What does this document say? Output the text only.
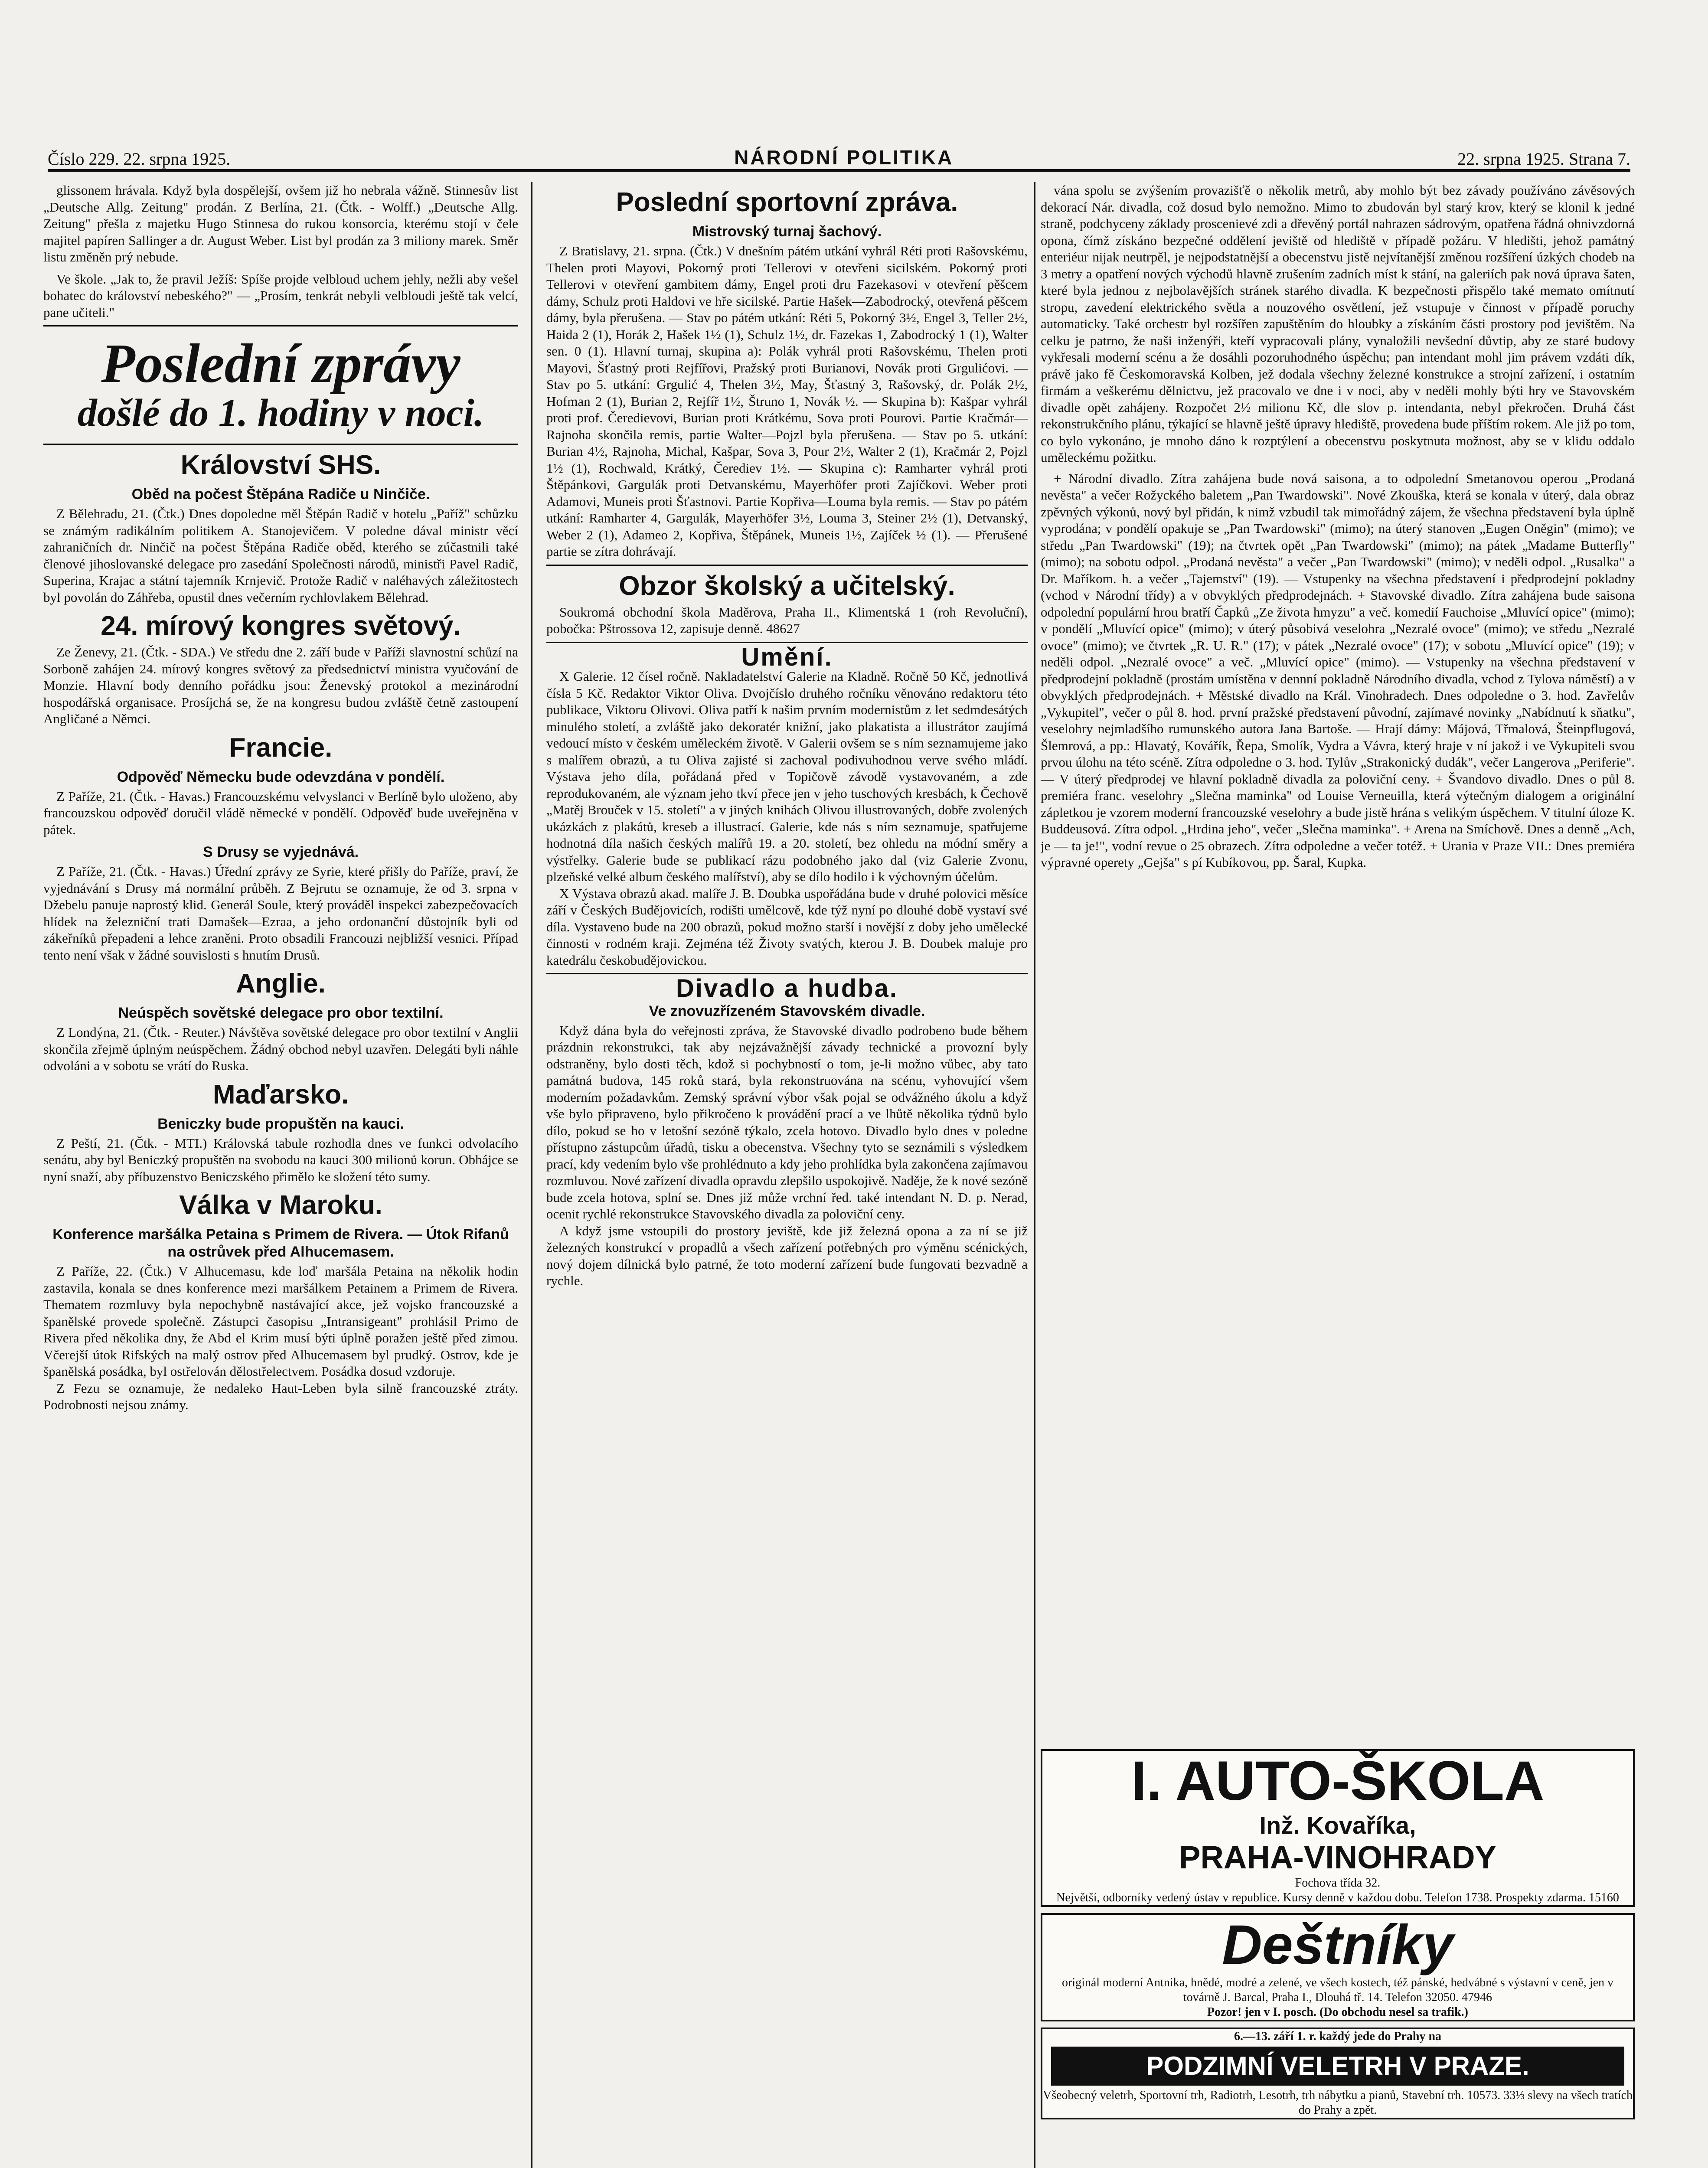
Číslo 229. 22. srpna 1925.	NÁRODNÍ POLITIKA	22. srpna 1925. Strana 7.

glissonem hrávala. Když byla dospělejší, ovšem již ho nebrala vážně. Stinnesův list „Deutsche Allg. Zeitung" prodán. Z Berlína, 21. (Čtk. - Wolff.) „Deutsche Allg. Zeitung" přešla z majetku Hugo Stinnesa do rukou konsorcia, kterému stojí v čele majitel papíren Sallinger a dr. August Weber. List byl prodán za 3 miliony marek. Směr listu změněn prý nebude.

Ve škole. „Jak to, že pravil Ježíš: Spíše projde velbloud uchem jehly, nežli aby vešel bohatec do království nebeského?" — „Prosím, tenkrát nebyli velbloudi ještě tak velcí, pane učiteli."

Poslední zprávy
došlé do 1. hodiny v noci.
Království SHS.
Oběd na počest Štěpána Radiče u Ninčiče.

Z Bělehradu, 21. (Čtk.) Dnes dopoledne měl Štěpán Radič v hotelu „Paříž" schůzku se známým radikálním politikem A. Stanojevičem. V poledne dával ministr věcí zahraničních dr. Ninčič na počest Štěpána Radiče oběd, kterého se zúčastnili také členové jihoslovanské delegace pro zasedání Společnosti národů, ministři Pavel Radič, Superina, Krajac a státní tajemník Krnjevič. Protože Radič v naléhavých záležitostech byl povolán do Záhřeba, opustil dnes večerním rychlovlakem Bělehrad.

24. mírový kongres světový.

Ze Ženevy, 21. (Čtk. - SDA.) Ve středu dne 2. září bude v Paříži slavnostní schůzí na Sorboně zahájen 24. mírový kongres světový za předsednictví ministra vyučování de Monzie. Hlavní body denního pořádku jsou: Ženevský protokol a mezinárodní hospodářská organisace. Prosíjchá se, že na kongresu budou zvláště četně zastoupení Angličané a Němci.

Francie.
Odpověď Německu bude odevzdána v pondělí.

Z Paříže, 21. (Čtk. - Havas.) Francouzskému velvyslanci v Berlíně bylo uloženo, aby francouzskou odpověď doručil vládě německé v pondělí. Odpověď bude uveřejněna v pátek.

S Drusy se vyjednává.

Z Paříže, 21. (Čtk. - Havas.) Úřední zprávy ze Syrie, které přišly do Paříže, praví, že vyjednávání s Drusy má normální průběh. Z Bejrutu se oznamuje, že od 3. srpna v Džebelu panuje naprostý klid. Generál Soule, který prováděl inspekci zabezpečovacích hlídek na železniční trati Damašek—Ezraa, a jeho ordonanční důstojník byli od zákeřníků přepadeni a lehce zraněni. Proto obsadili Francouzi nejbližší vesnici. Případ tento není však v žádné souvislosti s hnutím Drusů.

Anglie.
Neúspěch sovětské delegace pro obor textilní.

Z Londýna, 21. (Čtk. - Reuter.) Návštěva sovětské delegace pro obor textilní v Anglii skončila zřejmě úplným neúspěchem. Žádný obchod nebyl uzavřen. Delegáti byli náhle odvoláni a v sobotu se vrátí do Ruska.

Maďarsko.
Beniczky bude propuštěn na kauci.

Z Peští, 21. (Čtk. - MTI.) Královská tabule rozhodla dnes ve funkci odvolacího senátu, aby byl Beniczký propuštěn na svobodu na kauci 300 milionů korun. Obhájce se nyní snaží, aby příbuzenstvo Beniczského přimělo ke složení této sumy.

Válka v Maroku.
Konference maršálka Petaina s Primem de Rivera. — Útok Rifanů na ostrůvek před Alhucemasem.

Z Paříže, 22. (Čtk.) V Alhucemasu, kde loď maršála Petaina na několik hodin zastavila, konala se dnes konference mezi maršálkem Petainem a Primem de Rivera. Thematem rozmluvy byla nepochybně nastávající akce, jež vojsko francouzské a španělské provede společně. Zástupci časopisu „Intransigeant" prohlásil Primo de Rivera před několika dny, že Abd el Krim musí býti úplně poražen ještě před zimou. Včerejší útok Rifských na malý ostrov před Alhucemasem byl prudký. Ostrov, kde je španělská posádka, byl ostřelován dělostřelectvem. Posádka dosud vzdoruje.

Z Fezu se oznamuje, že nedaleko Haut-Leben byla silně francouzské ztráty. Podrobnosti nejsou známy.

Poslední sportovní zpráva.
Mistrovský turnaj šachový.

Z Bratislavy, 21. srpna. (Čtk.) V dnešním pátém utkání vyhrál Réti proti Rašovskému, Thelen proti Mayovi, Pokorný proti Tellerovi v otevřeni sicilském. Pokorný proti Tellerovi v otevření gambitem dámy, Engel proti dru Fazekasovi v otevření pěšcem dámy, Schulz proti Haldovi ve hře sicilské. Partie Hašek—Zabodrocký, otevřená pěšcem dámy, byla přerušena. — Stav po pátém utkání: Réti 5, Pokorný 3½, Engel 3, Teller 2½, Haida 2 (1), Horák 2, Hašek 1½ (1), Schulz 1½, dr. Fazekas 1, Zabodrocký 1 (1), Walter sen. 0 (1). Hlavní turnaj, skupina a): Polák vyhrál proti Rašovskému, Thelen proti Mayovi, Šťastný proti Rejfířovi, Pražský proti Burianovi, Novák proti Grgulićovi. — Stav po 5. utkání: Grgulić 4, Thelen 3½, May, Šťastný 3, Rašovský, dr. Polák 2½, Hofman 2 (1), Burian 2, Rejfíř 1½, Štruno 1, Novák ½. — Skupina b): Kašpar vyhrál proti prof. Čeredievovi, Burian proti Krátkému, Sova proti Pourovi. Partie Kračmár—Rajnoha skončila remis, partie Walter—Pojzl byla přerušena. — Stav po 5. utkání: Burian 4½, Rajnoha, Michal, Kašpar, Sova 3, Pour 2½, Walter 2 (1), Kračmár 2, Pojzl 1½ (1), Rochwald, Krátký, Čerediev 1½. — Skupina c): Ramharter vyhrál proti Štěpánkovi, Gargulák proti Detvanskému, Mayerhöfer proti Zajíčkovi. Weber proti Adamovi, Muneis proti Šťastnovi. Partie Kopřiva—Louma byla remis. — Stav po pátém utkání: Ramharter 4, Gargulák, Mayerhöfer 3½, Louma 3, Steiner 2½ (1), Detvanský, Weber 2 (1), Adameo 2, Kopřiva, Štěpánek, Muneis 1½, Zajíček ½ (1). — Přerušené partie se zítra dohrávají.

Obzor školský a učitelský.

Soukromá obchodní škola Maděrova, Praha II., Klimentská 1 (roh Revoluční), pobočka: Pštrossova 12, zapisuje denně. 48627

Umění.

X Galerie. 12 čísel ročně. Nakladatelství Galerie na Kladně. Ročně 50 Kč, jednotlivá čísla 5 Kč. Redaktor Viktor Oliva. Dvojčíslo druhého ročníku věnováno redaktoru této publikace, Viktoru Olivovi. Oliva patří k našim prvním modernistům z let sedmdesátých minulého století, a zvláště jako dekoratér knižní, jako plakatista a illustrátor zaujímá vedoucí místo v českém uměleckém životě. V Galerii ovšem se s ním seznamujeme jako s malířem obrazů, a tu Oliva zajisté si zachoval podivuhodnou verve svého mládí. Výstava jeho díla, pořádaná před v Topičově závodě vystavovaném, a zde reprodukovaném, ale význam jeho tkví přece jen v jeho tuschových kresbách, k Čechově „Matěj Brouček v 15. století" a v jiných knihách Olivou illustrovaných, dobře zvolených ukázkách z plakátů, kreseb a illustrací. Galerie, kde nás s ním seznamuje, spatřujeme hodnotná díla našich českých malířů 19. a 20. století, bez ohledu na módní směry a výstřelky. Galerie bude se publikací rázu podobného jako dal (viz Galerie Zvonu, plzeňské velké album českého malířství), aby se dílo hodilo i k výchovným účelům.

X Výstava obrazů akad. malíře J. B. Doubka uspořádána bude v druhé polovici měsíce září v Českých Budějovicích, rodišti umělcově, kde týž nyní po dlouhé době vystaví své díla. Vystaveno bude na 200 obrazů, pokud možno starší i novější z doby jeho umělecké činnosti v rodném kraji. Zejména též Životy svatých, kterou J. B. Doubek maluje pro katedrálu českobudějovickou.

Divadlo a hudba.
Ve znovuzřízeném Stavovském divadle.

Když dána byla do veřejnosti zpráva, že Stavovské divadlo podrobeno bude během prázdnin rekonstrukci, tak aby nejzávažnější závady technické a provozní byly odstraněny, bylo dosti těch, kdož si pochybností o tom, je-li možno vůbec, aby tato památná budova, 145 roků stará, byla rekonstruována na scénu, vyhovující všem moderním požadavkům. Zemský správní výbor však pojal se odvážného úkolu a když vše bylo připraveno, bylo přikročeno k provádění prací a ve lhůtě několika týdnů bylo dílo, pokud se ho v letošní sezóně týkalo, zcela hotovo. Divadlo bylo dnes v poledne přístupno zástupcům úřadů, tisku a obecenstva. Všechny tyto se seznámili s výsledkem prací, kdy vedením bylo vše prohlédnuto a kdy jeho prohlídka byla zakončena zajímavou rozmluvou. Nové zařízení divadla opravdu zlepšilo uspokojivě. Naděje, že k nové sezóně bude zcela hotova, splní se. Dnes již může vrchní řed. také intendant N. D. p. Nerad, ocenit rychlé rekonstrukce Stavovského divadla za poloviční ceny.

A když jsme vstoupili do prostory jeviště, kde již železná opona a za ní se již železných konstrukcí v propadlů a všech zařízení potřebných pro výměnu scénických, nový dojem dílnická bylo patrné, že toto moderní zařízení bude fungovati bezvadně a rychle.

vána spolu se zvýšením provazišťě o několik metrů, aby mohlo být bez závady používáno závěsových dekorací Nár. divadla, což dosud bylo nemožno. Mimo to zbudován byl starý krov, který se klonil k jedné straně, podchyceny základy proscenievé zdi a dřevěný portál nahrazen sádrovým, opatřena řádná ohnivzdorná opona, čímž získáno bezpečné oddělení jeviště od hlediště v případě požáru. V hledišti, jehož památný enteriéur nijak neutrpěl, je nejpodstatnější a obecenstvu jistě nejvítanější změnou rozšíření úzkých chodeb na 3 metry a opatření nových východů hlavně zrušením zadních míst k stání, na galeriích pak nová úprava šaten, které byla jednou z nejbolavějších stránek starého divadla. K bezpečnosti přispělo také memato omítnutí stropu, zavedení elektrického světla a nouzového osvětlení, jež vstupuje v činnost v případě poruchy automaticky. Také orchestr byl rozšířen zapuštěním do hloubky a získáním části prostory pod jevištěm. Na celku je patrno, že naši inženýři, kteří vypracovali plány, vynaložili nevšední důvtip, aby ze staré budovy vykřesali moderní scénu a že dosáhli pozoruhodného úspěchu; pan intendant mohl jim právem vzdáti dík, právě jako fě Českomoravská Kolben, jež dodala všechny železné konstrukce a strojní zařízení, i ostatním firmám a veškerému dělnictvu, jež pracovalo ve dne i v noci, aby v neděli mohly býti hry ve Stavovském divadle opět zahájeny. Rozpočet 2½ milionu Kč, dle slov p. intendanta, nebyl překročen. Druhá část rekonstrukčního plánu, týkající se hlavně ještě úpravy hlediště, provedena bude příštím rokem. Ale již po tom, co bylo vykonáno, je mnoho dáno k rozptýlení a obecenstvu poskytnuta možnost, aby se v klidu oddalo uměleckému požitku.

+ Národní divadlo. Zítra zahájena bude nová saisona, a to odpolední Smetanovou operou „Prodaná nevěsta" a večer Rožyckého baletem „Pan Twardowski". Nové Zkouška, která se konala v úterý, dala obraz zpěvných výkonů, nový byl přidán, k nimž vzbudil tak mimořádný zájem, že všechna představení byla úplně vyprodána; v pondělí opakuje se „Pan Twardowski" (mimo); na úterý stanoven „Eugen Oněgin" (mimo); ve středu „Pan Twardowski" (19); na čtvrtek opět „Pan Twardowski" (mimo); na pátek „Madame Butterfly" (mimo); na sobotu odpol. „Prodaná nevěsta" a večer „Pan Twardowski" (mimo); v neděli odpol. „Rusalka" a Dr. Maříkom. h. a večer „Tajemství" (19). — Vstupenky na všechna představení i předprodejní pokladny (vchod v Národní třídy) a v obvyklých předprodejnách. + Stavovské divadlo. Zítra zahájena bude saisona odpolední populární hrou bratří Čapků „Ze života hmyzu" a več. komedií Fauchoise „Mluvící opice" (mimo); v pondělí „Mluvící opice" (mimo); v úterý působivá veselohra „Nezralé ovoce" (mimo); ve středu „Nezralé ovoce" (mimo); ve čtvrtek „R. U. R." (17); v pátek „Nezralé ovoce" (17); v sobotu „Mluvící opice" (19); v neděli odpol. „Nezralé ovoce" a več. „Mluvící opice" (mimo). — Vstupenky na všechna představení v předprodejní pokladně (prostám umístěna v dennní pokladně Národního divadla, vchod z Tylova náměstí) a v obvyklých předprodejnách. + Městské divadlo na Král. Vinohradech. Dnes odpoledne o 3. hod. Zavřelův „Vykupitel", večer o půl 8. hod. první pražské představení původní, zajímavé novinky „Nabídnutí k sňatku", veselohry nejmladšího rumunského autora Jana Bartoše. — Hrají dámy: Májová, Třmalová, Šteinpflugová, Šlemrová, a pp.: Hlavatý, Kovářík, Řepa, Smolík, Vydra a Vávra, který hraje v ní jakož i ve Vykupiteli svou prvou úlohu na této scéně. Zítra odpoledne o 3. hod. Tylův „Strakonický dudák", večer Langerova „Periferie". — V úterý předprodej ve hlavní pokladně divadla za poloviční ceny. + Švandovo divadlo. Dnes o půl 8. premiéra franc. veselohry „Slečna maminka" od Louise Verneuilla, která výtečným dialogem a originální zápletkou je vzorem moderní francouzské veselohry a bude jistě hrána s velikým úspěchem. V titulní úloze K. Buddeusová. Zítra odpol. „Hrdina jeho", večer „Slečna maminka". + Arena na Smíchově. Dnes a denně „Ach, je — ta je!", vodní revue o 25 obrazech. Zítra odpoledne a večer totéž. + Urania v Praze VII.: Dnes premiéra výpravné operety „Gejša" s pí Kubíkovou, pp. Šaral, Kupka.

I. AUTO-ŠKOLA
Inž. Kovaříka,
PRAHA-VINOHRADY
Fochova třída 32.
Největší, odborníky vedený ústav v republice. Kursy denně v každou dobu. Telefon 1738. Prospekty zdarma. 15160
Deštníky
originál moderní Antnika, hnědé, modré a zelené, ve všech kostech, též pánské, hedvábné s výstavní v ceně, jen v továrně J. Barcal, Praha I., Dlouhá tř. 14. Telefon 32050. 47946
Pozor! jen v I. posch. (Do obchodu nesel sa trafik.)
6.—13. září 1. r. každý jede do Prahy na
PODZIMNÍ VELETRH V PRAZE.
Všeobecný veletrh, Sportovní trh, Radiotrh, Lesotrh, trh nábytku a pianů, Stavební trh. 10573. 33⅓ slevy na všech tratích do Prahy a zpět.
